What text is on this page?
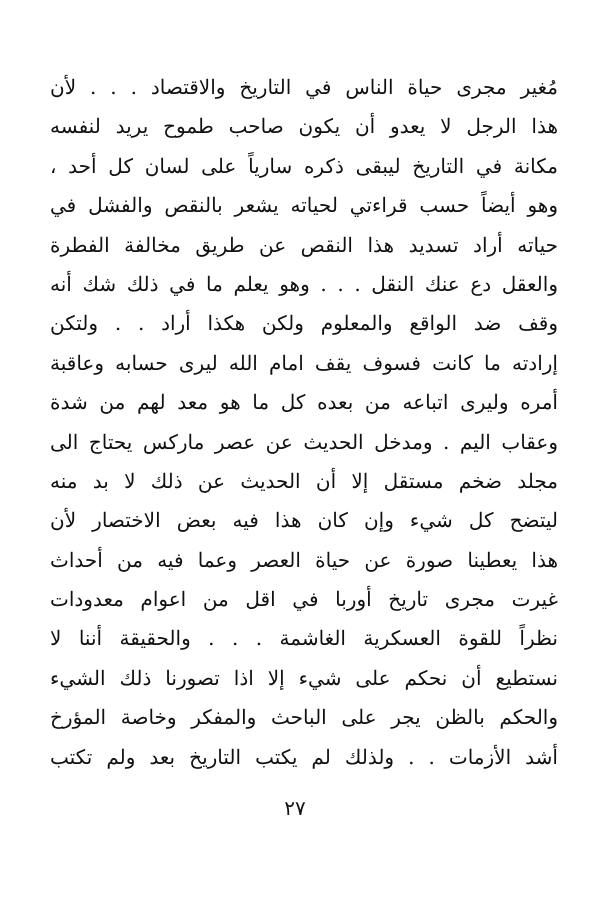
مُغير مجرى حياة الناس في التاريخ والاقتصاد . . . لأن
هذا الرجل لا يعدو أن يكون صاحب طموح يريد لنفسه
مكانة في التاريخ ليبقى ذكره سارياً على لسان كل أحد ،
وهو أيضاً حسب قراءتي لحياته يشعر بالنقص والفشل في
حياته أراد تسديد هذا النقص عن طريق مخالفة الفطرة
والعقل دع عنك النقل . . . وهو يعلم ما في ذلك شك أنه
وقف ضد الواقع والمعلوم ولكن هكذا أراد . . ولتكن
إرادته ما كانت فسوف يقف امام الله ليرى حسابه وعاقبة
أمره وليرى اتباعه من بعده كل ما هو معد لهم من شدة
وعقاب اليم . ومدخل الحديث عن عصر ماركس يحتاج الى
مجلد ضخم مستقل إلا أن الحديث عن ذلك لا بد منه
ليتضح كل شيء وإن كان هذا فيه بعض الاختصار لأن
هذا يعطينا صورة عن حياة العصر وعما فيه من أحداث
غيرت مجرى تاريخ أوربا في اقل من اعوام معدودات
نظراً للقوة العسكرية الغاشمة . . . والحقيقة أننا لا
نستطيع أن نحكم على شيء إلا اذا تصورنا ذلك الشيء
والحكم بالظن يجر على الباحث والمفكر وخاصة المؤرخ
أشد الأزمات . . ولذلك لم يكتب التاريخ بعد ولم تكتب
٢٧
